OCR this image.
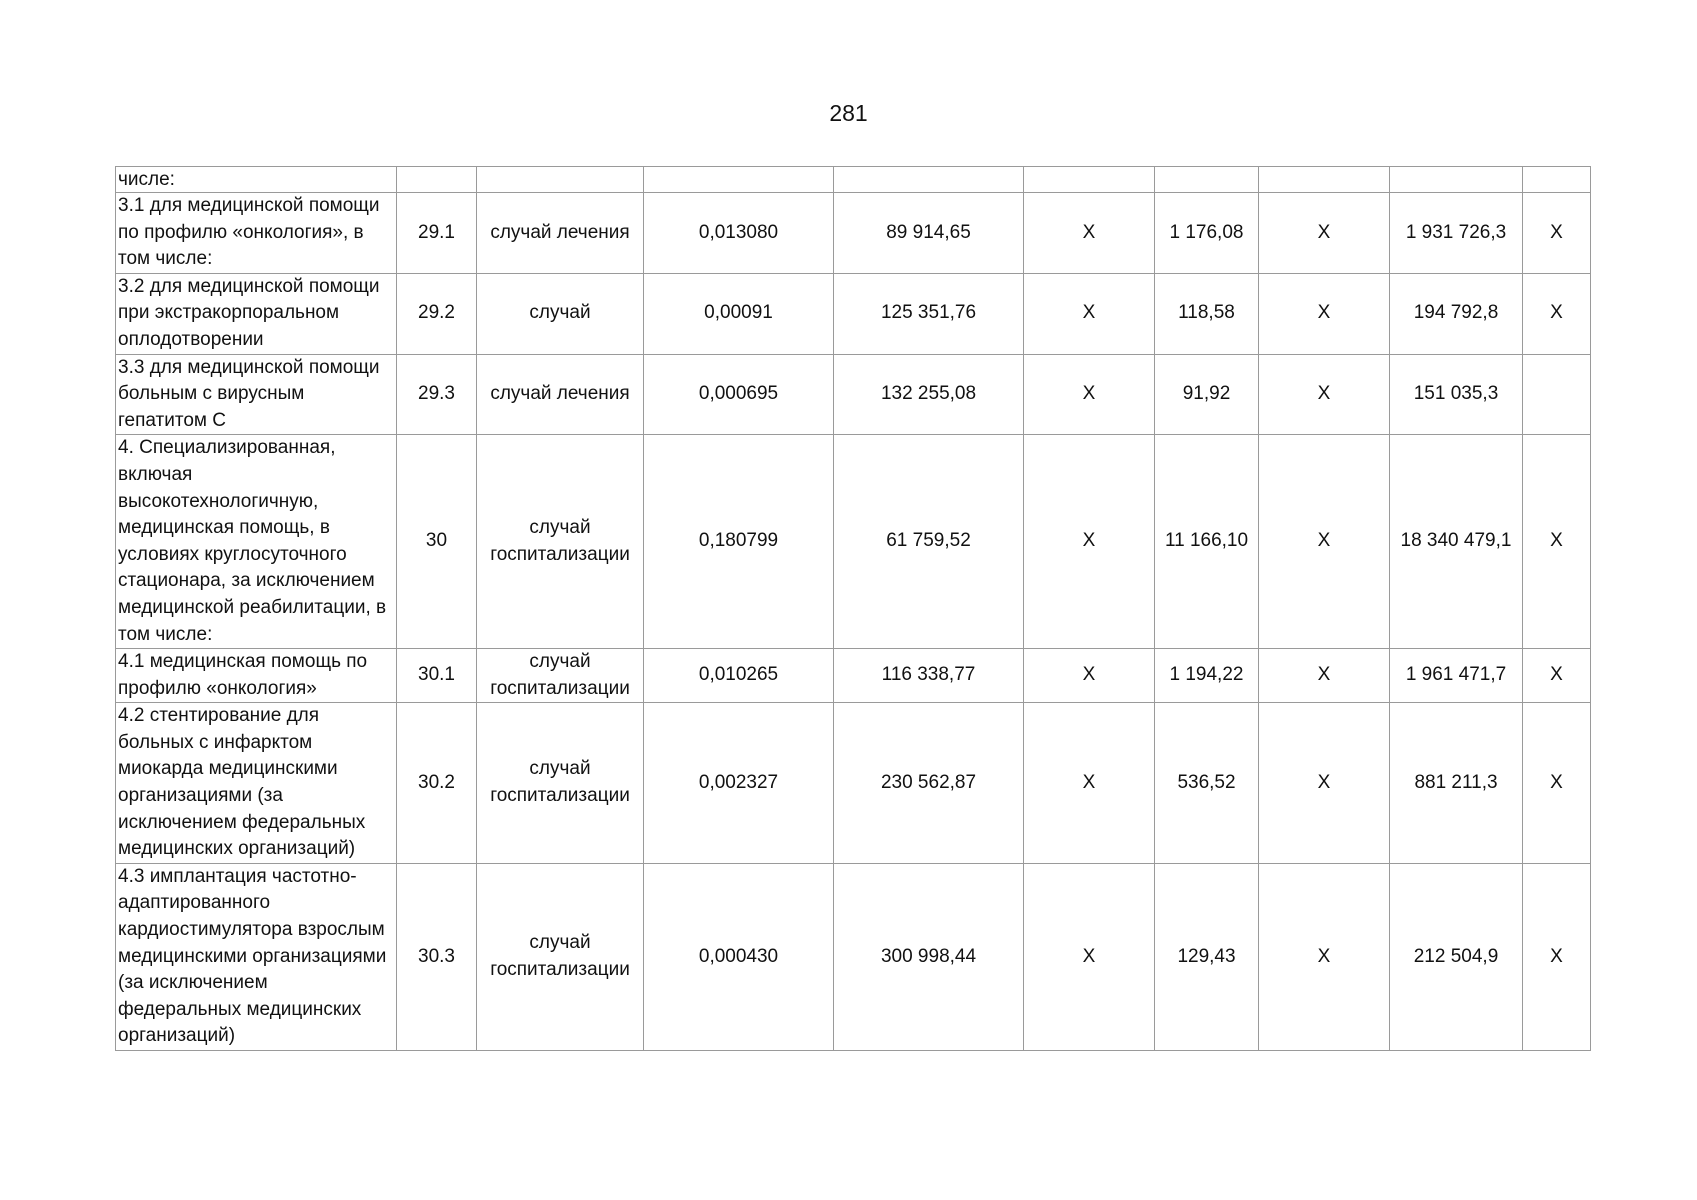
281
числе:									
3.1 для медицинской помощи по профилю «онкология», в том числе:	29.1	случай лечения	0,013080	89 914,65	Х	1 176,08	Х	1 931 726,3	Х
3.2 для медицинской помощи при экстракорпоральном оплодотворении	29.2	случай	0,00091	125 351,76	Х	118,58	Х	194 792,8	Х
3.3 для медицинской помощи больным с вирусным гепатитом С	29.3	случай лечения	0,000695	132 255,08	Х	91,92	Х	151 035,3	
4. Специализированная, включая высокотехнологичную, медицинская помощь, в условиях круглосуточного стационара, за исключением медицинской реабилитации, в том числе:	30	случай госпитализации	0,180799	61 759,52	Х	11 166,10	Х	18 340 479,1	Х
4.1 медицинская помощь по профилю «онкология»	30.1	случай госпитализации	0,010265	116 338,77	Х	1 194,22	Х	1 961 471,7	Х
4.2 стентирование для больных с инфарктом миокарда медицинскими организациями (за исключением федеральных медицинских организаций)	30.2	случай госпитализации	0,002327	230 562,87	Х	536,52	Х	881 211,3	Х
4.3 имплантация частотно-адаптированного кардиостимулятора взрослым медицинскими организациями (за исключением федеральных медицинских организаций)	30.3	случай госпитализации	0,000430	300 998,44	Х	129,43	Х	212 504,9	Х
